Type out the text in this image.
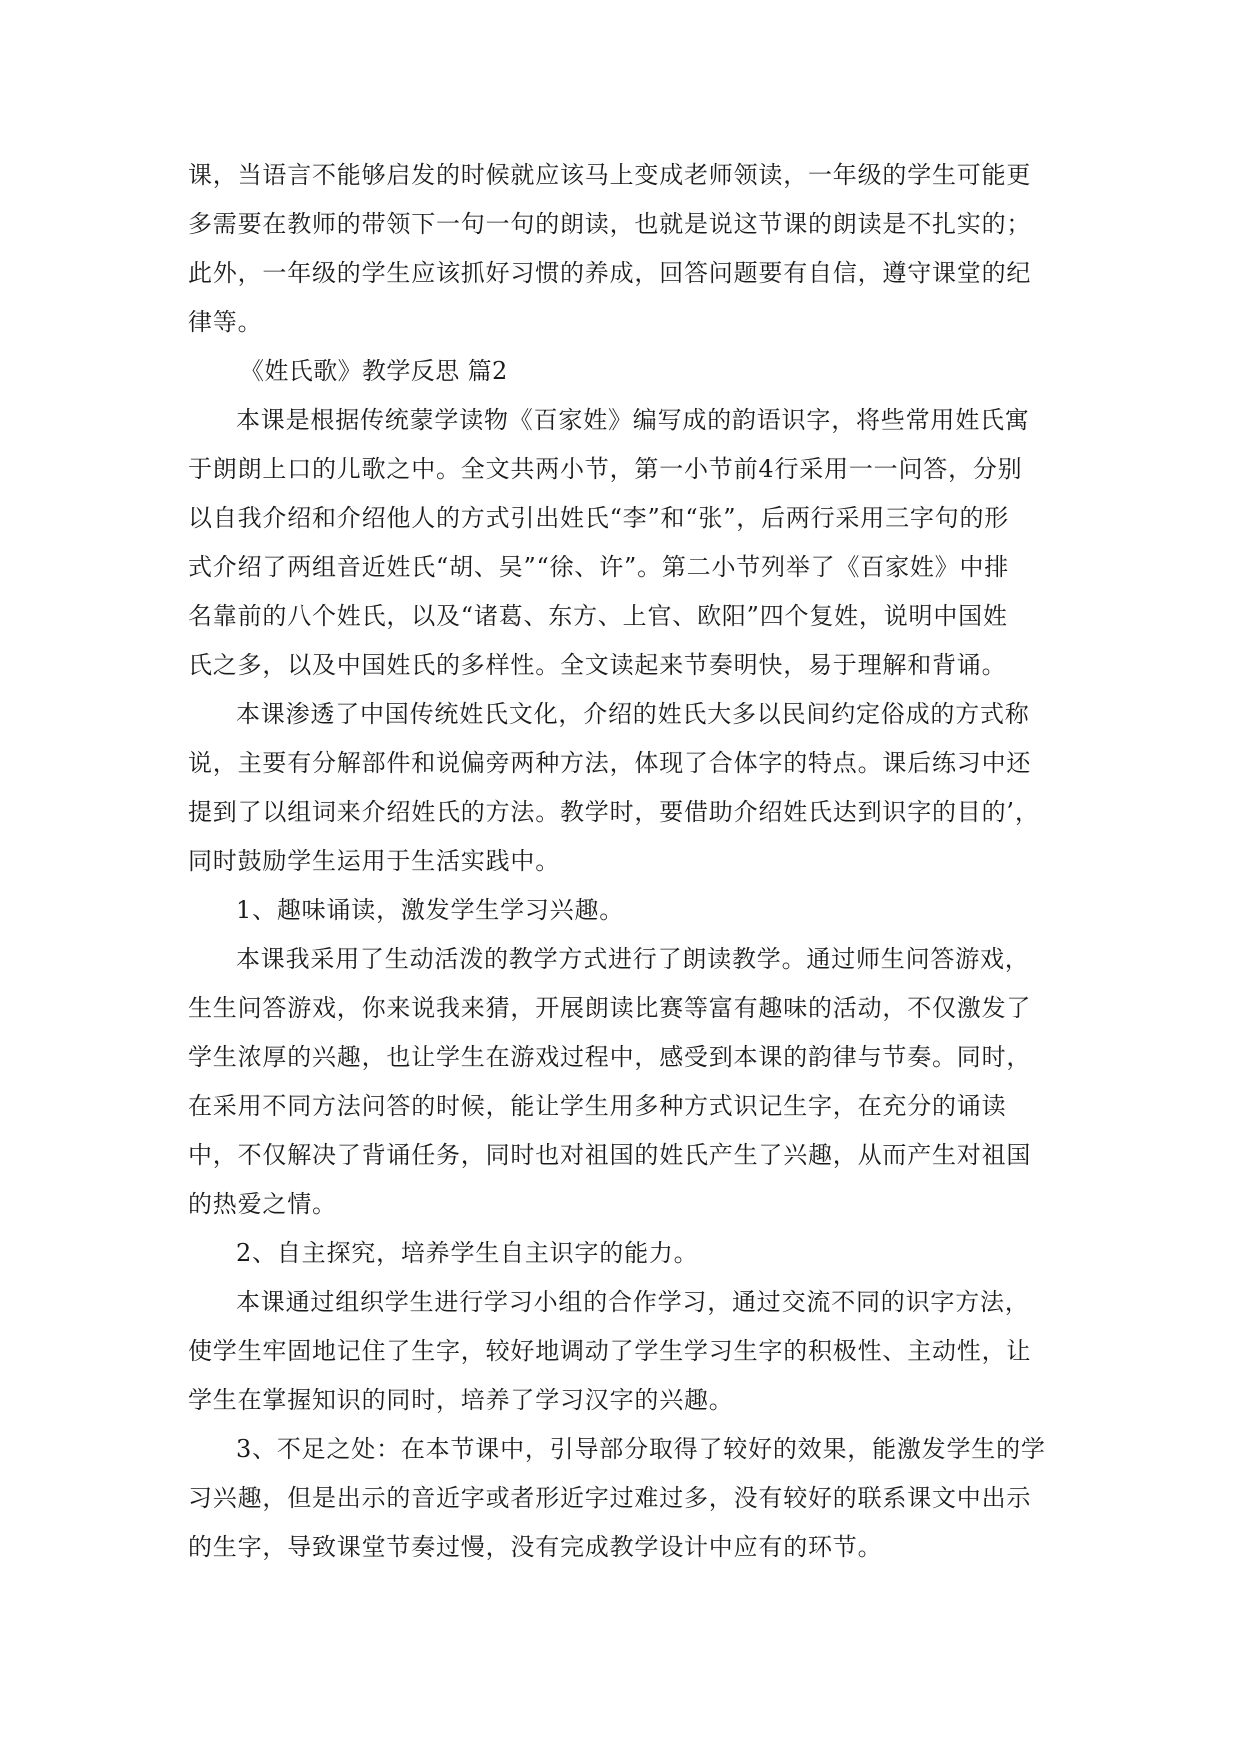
课，当语言不能够启发的时候就应该马上变成老师领读，一年级的学生可能更
多需要在教师的带领下一句一句的朗读，也就是说这节课的朗读是不扎实的；
此外，一年级的学生应该抓好习惯的养成，回答问题要有自信，遵守课堂的纪
律等。
《姓氏歌》教学反思 篇2
本课是根据传统蒙学读物《百家姓》编写成的韵语识字，将些常用姓氏寓
于朗朗上口的儿歌之中。全文共两小节，第一小节前4行采用一一问答，分别
以自我介绍和介绍他人的方式引出姓氏“李”和“张”，后两行采用三字句的形
式介绍了两组音近姓氏“胡、吴”“徐、许”。第二小节列举了《百家姓》中排
名靠前的八个姓氏，以及“诸葛、东方、上官、欧阳”四个复姓，说明中国姓
氏之多，以及中国姓氏的多样性。全文读起来节奏明快，易于理解和背诵。
本课渗透了中国传统姓氏文化，介绍的姓氏大多以民间约定俗成的方式称
说，主要有分解部件和说偏旁两种方法，体现了合体字的特点。课后练习中还
提到了以组词来介绍姓氏的方法。教学时，要借助介绍姓氏达到识字的目的’，
同时鼓励学生运用于生活实践中。
1、趣味诵读，激发学生学习兴趣。
本课我采用了生动活泼的教学方式进行了朗读教学。通过师生问答游戏，
生生问答游戏，你来说我来猜，开展朗读比赛等富有趣味的活动，不仅激发了
学生浓厚的兴趣，也让学生在游戏过程中，感受到本课的韵律与节奏。同时，
在采用不同方法问答的时候，能让学生用多种方式识记生字，在充分的诵读
中，不仅解决了背诵任务，同时也对祖国的姓氏产生了兴趣，从而产生对祖国
的热爱之情。
2、自主探究，培养学生自主识字的能力。
本课通过组织学生进行学习小组的合作学习，通过交流不同的识字方法，
使学生牢固地记住了生字，较好地调动了学生学习生字的积极性、主动性，让
学生在掌握知识的同时，培养了学习汉字的兴趣。
3、不足之处：在本节课中，引导部分取得了较好的效果，能激发学生的学
习兴趣，但是出示的音近字或者形近字过难过多，没有较好的联系课文中出示
的生字，导致课堂节奏过慢，没有完成教学设计中应有的环节。
